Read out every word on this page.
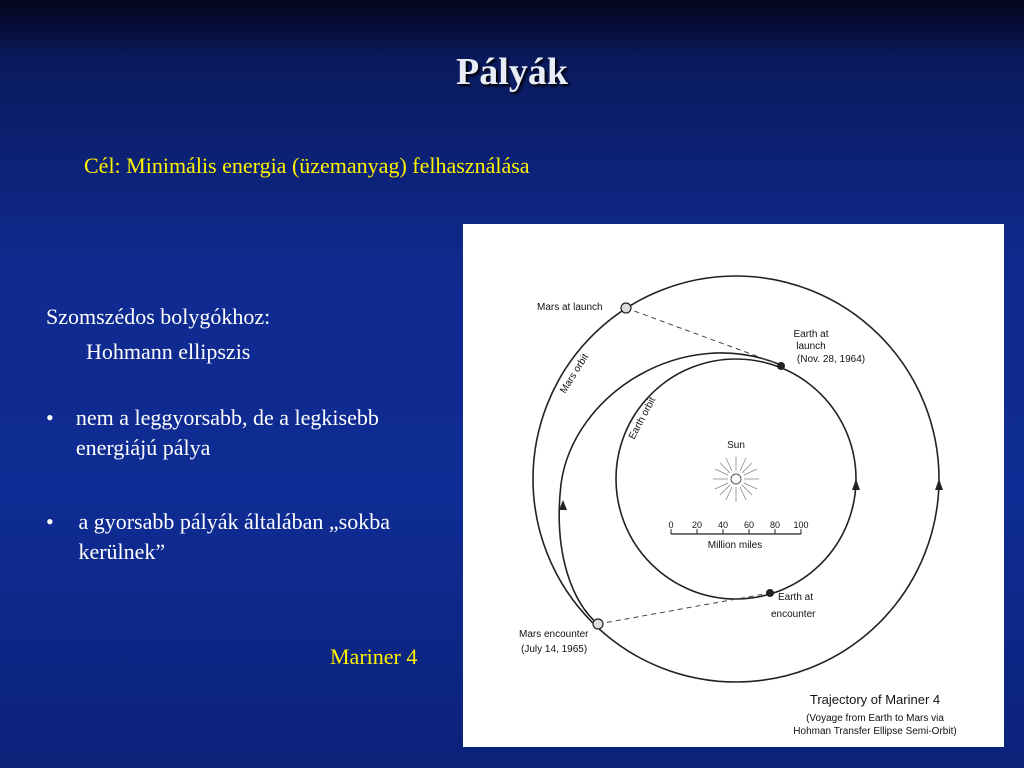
Pályák
Cél: Minimális energia (üzemanyag) felhasználása
Szomszédos bolygókhoz:
Hohmann ellipszis
•	nem a leggyorsabb, de a legkisebb energiájú pálya
•	a gyorsabb pályák általában „sokba kerülnek”
Mariner 4
Sun
Mars at launch
Earth at
launch
(Nov. 28, 1964)
Mars orbit
Earth orbit
Earth at
encounter
Mars encounter
(July 14, 1965)
0 20 40 60 80 100
Million miles
Trajectory of Mariner 4
(Voyage from Earth to Mars via
Hohman Transfer Ellipse Semi-Orbit)
